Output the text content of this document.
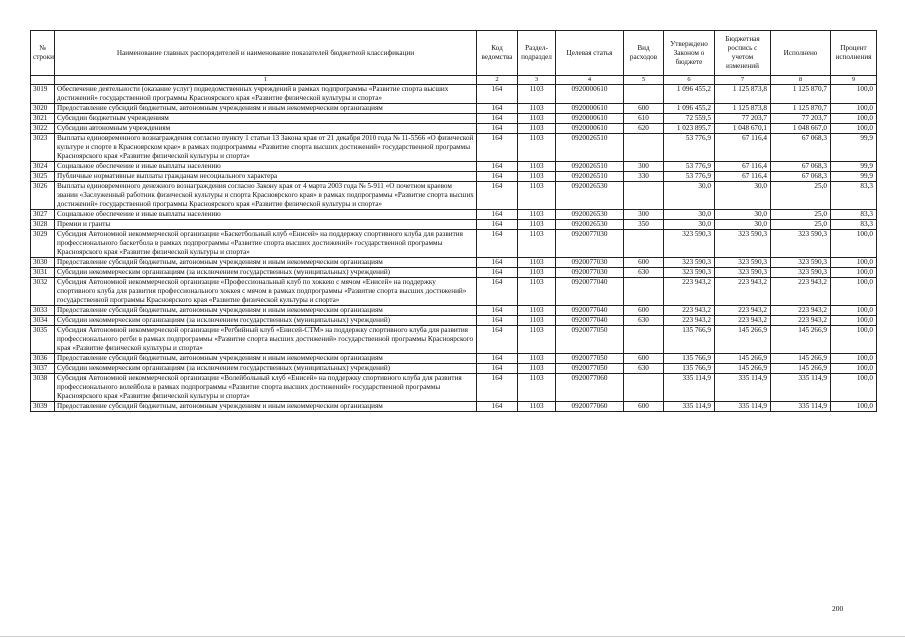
№ строки	Наименование главных распорядителей и наименование показателей бюджетной классификации	Код ведомства	Раздел-подраздел	Целевая статья	Вид расходов	Утверждено Законом о бюджете	Бюджетная роспись с учетом изменений	Исполнено	Процент исполнения
	1	2	3	4	5	6	7	8	9
3019	Обеспечение деятельности (оказание услуг) подведомственных учреждений в рамках подпрограммы «Развитие спорта высших достижений» государственной программы Красноярского края «Развитие физической культуры и спорта»	164	1103	0920000610		1 096 455,2	1 125 873,8	1 125 870,7	100,0
3020	Предоставление субсидий бюджетным, автономным учреждениям и иным некоммерческим организациям	164	1103	0920000610	600	1 096 455,2	1 125 873,8	1 125 870,7	100,0
3021	Субсидии бюджетным учреждениям	164	1103	0920000610	610	72 559,5	77 203,7	77 203,7	100,0
3022	Субсидии автономным учреждениям	164	1103	0920000610	620	1 023 895,7	1 048 670,1	1 048 667,0	100,0
3023	Выплаты единовременного вознаграждения согласно пункту 1 статьи 13 Закона края от 21 декабря 2010 года № 11-5566 «О физической культуре и спорте в Красноярском крае» в рамках подпрограммы «Развитие спорта высших достижений» государственной программы Красноярского края «Развитие физической культуры и спорта»	164	1103	0920026510		53 776,9	67 116,4	67 068,3	99,9
3024	Социальное обеспечение и иные выплаты населению	164	1103	0920026510	300	53 776,9	67 116,4	67 068,3	99,9
3025	Публичные нормативные выплаты гражданам несоциального характера	164	1103	0920026510	330	53 776,9	67 116,4	67 068,3	99,9
3026	Выплаты единовременного денежного вознаграждения согласно Закону края от 4 марта 2003 года № 5-911 «О почетном краевом звании «Заслуженный работник физической культуры и спорта Красноярского края» в рамках подпрограммы «Развитие спорта высших достижений» государственной программы Красноярского края «Развитие физической культуры и спорта»	164	1103	0920026530		30,0	30,0	25,0	83,3
3027	Социальное обеспечение и иные выплаты населению	164	1103	0920026530	300	30,0	30,0	25,0	83,3
3028	Премии и гранты	164	1103	0920026530	350	30,0	30,0	25,0	83,3
3029	Субсидия Автономной некоммерческой организации «Баскетбольный клуб «Енисей» на поддержку спортивного клуба для развития профессионального баскетбола в рамках подпрограммы «Развитие спорта высших достижений» государственной программы Красноярского края «Развитие физической культуры и спорта»	164	1103	0920077030		323 590,3	323 590,3	323 590,3	100,0
3030	Предоставление субсидий бюджетным, автономным учреждениям и иным некоммерческим организациям	164	1103	0920077030	600	323 590,3	323 590,3	323 590,3	100,0
3031	Субсидии некоммерческим организациям (за исключением государственных (муниципальных) учреждений)	164	1103	0920077030	630	323 590,3	323 590,3	323 590,3	100,0
3032	Субсидия Автономной некоммерческой организации «Профессиональный клуб по хоккею с мячом «Енисей» на поддержку спортивного клуба для развития профессионального хоккея с мячом в рамках подпрограммы «Развитие спорта высших достижений» государственной программы Красноярского края «Развитие физической культуры и спорта»	164	1103	0920077040		223 943,2	223 943,2	223 943,2	100,0
3033	Предоставление субсидий бюджетным, автономным учреждениям и иным некоммерческим организациям	164	1103	0920077040	600	223 943,2	223 943,2	223 943,2	100,0
3034	Субсидии некоммерческим организациям (за исключением государственных (муниципальных) учреждений)	164	1103	0920077040	630	223 943,2	223 943,2	223 943,2	100,0
3035	Субсидия Автономной некоммерческой организации «Регбийный клуб «Енисей-СТМ» на поддержку спортивного клуба для развития профессионального регби в рамках подпрограммы «Развитие спорта высших достижений» государственной программы Красноярского края «Развитие физической культуры и спорта»	164	1103	0920077050		135 766,9	145 266,9	145 266,9	100,0
3036	Предоставление субсидий бюджетным, автономным учреждениям и иным некоммерческим организациям	164	1103	0920077050	600	135 766,9	145 266,9	145 266,9	100,0
3037	Субсидии некоммерческим организациям (за исключением государственных (муниципальных) учреждений)	164	1103	0920077050	630	135 766,9	145 266,9	145 266,9	100,0
3038	Субсидия Автономной некоммерческой организации «Волейбольный клуб «Енисей» на поддержку спортивного клуба для развития профессионального волейбола в рамках подпрограммы «Развитие спорта высших достижений» государственной программы Красноярского края «Развитие физической культуры и спорта»	164	1103	0920077060		335 114,9	335 114,9	335 114,9	100,0
3039	Предоставление субсидий бюджетным, автономным учреждениям и иным некоммерческим организациям	164	1103	0920077060	600	335 114,9	335 114,9	335 114,9	100,0
200
